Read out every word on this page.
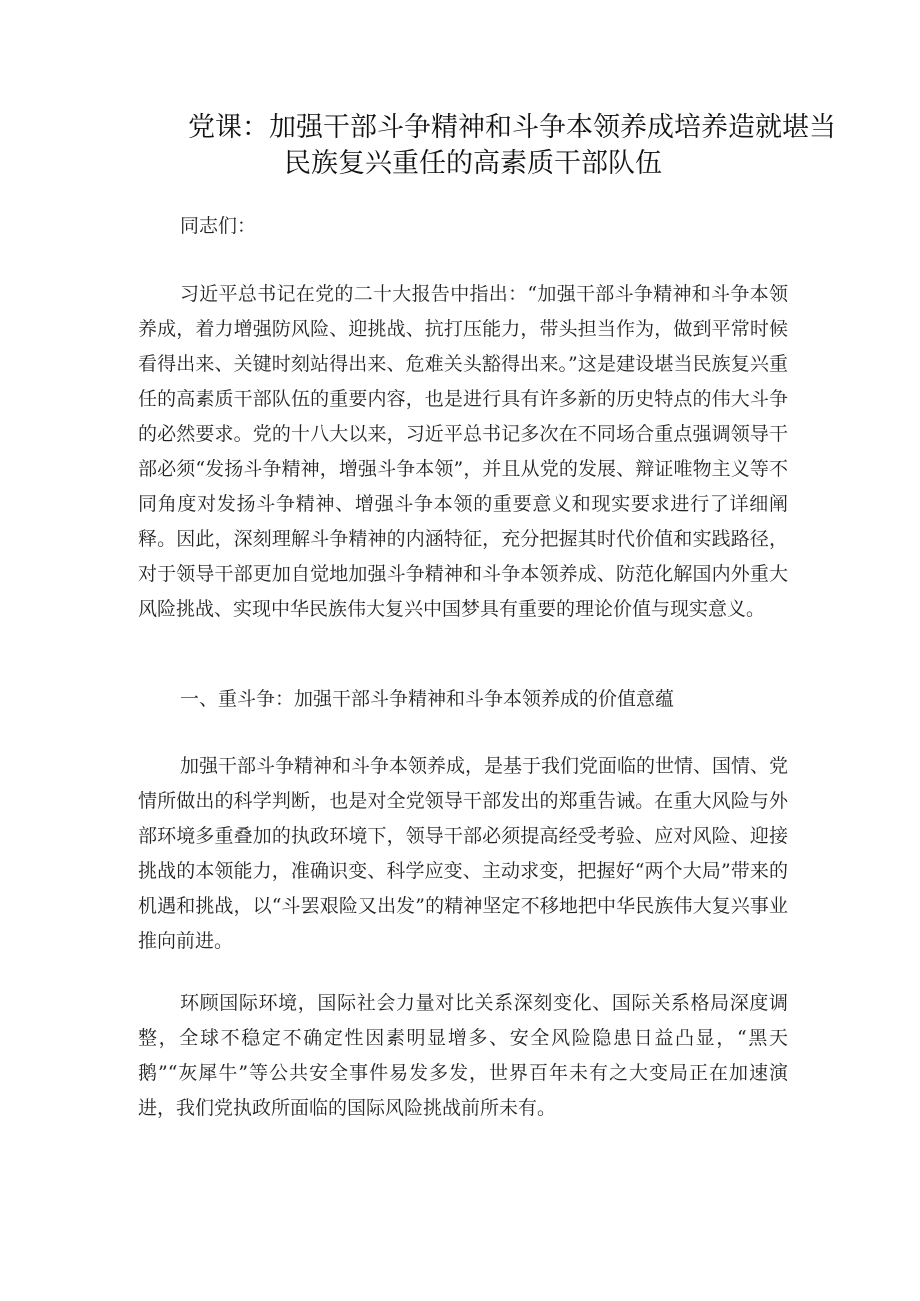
党课：加强干部斗争精神和斗争本领养成培养造就堪当
民族复兴重任的高素质干部队伍
同志们：
习近平总书记在党的二十大报告中指出：“加强干部斗争精神和斗争本领养成，着力增强防风险、迎挑战、抗打压能力，带头担当作为，做到平常时候看得出来、关键时刻站得出来、危难关头豁得出来。”这是建设堪当民族复兴重任的高素质干部队伍的重要内容，也是进行具有许多新的历史特点的伟大斗争的必然要求。党的十八大以来，习近平总书记多次在不同场合重点强调领导干部必须“发扬斗争精神，增强斗争本领”，并且从党的发展、辩证唯物主义等不同角度对发扬斗争精神、增强斗争本领的重要意义和现实要求进行了详细阐释。因此，深刻理解斗争精神的内涵特征，充分把握其时代价值和实践路径，对于领导干部更加自觉地加强斗争精神和斗争本领养成、防范化解国内外重大风险挑战、实现中华民族伟大复兴中国梦具有重要的理论价值与现实意义。
一、重斗争：加强干部斗争精神和斗争本领养成的价值意蕴
加强干部斗争精神和斗争本领养成，是基于我们党面临的世情、国情、党情所做出的科学判断，也是对全党领导干部发出的郑重告诫。在重大风险与外部环境多重叠加的执政环境下，领导干部必须提高经受考验、应对风险、迎接挑战的本领能力，准确识变、科学应变、主动求变，把握好“两个大局”带来的机遇和挑战，以“斗罢艰险又出发”的精神坚定不移地把中华民族伟大复兴事业推向前进。
环顾国际环境，国际社会力量对比关系深刻变化、国际关系格局深度调整，全球不稳定不确定性因素明显增多、安全风险隐患日益凸显，“黑天鹅”“灰犀牛”等公共安全事件易发多发，世界百年未有之大变局正在加速演进，我们党执政所面临的国际风险挑战前所未有。
